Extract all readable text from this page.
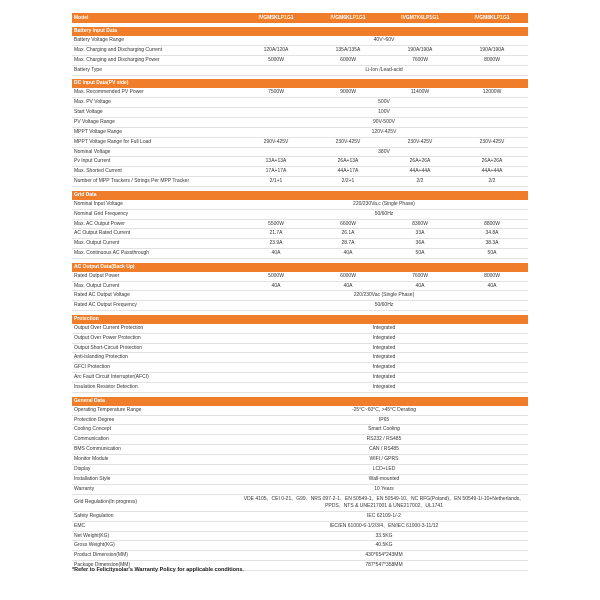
Model	IVGM5KLP1G1	IVGM6KLP1G1	IVGM7K6LP1G1	IVGM8KLP1G1

Battery Input Data				
Battery Voltage Range	40V~60V			
Max. Charging and Discharging Current	120A/120A	135A/135A	190A/190A	190A/190A
Max. Charging and Discharging Power	5000W	6000W	7600W	8000W
Battery Type	Li-Ion /Lead-acid			

DC Input Data(PV side)				
Max. Recommended PV Power	7500W	9000W	11400W	12000W
Max. PV Voltage	500V			
Start Voltage	100V			
PV Voltage Range	90V-500V			
MPPT Voltage Range	120V-425V			
MPPT Voltage Range for Full Load	290V-425V	230V-425V	230V-425V	230V-425V
Nominal Voltage	380V			
Pv Input Current	13A+13A	26A+13A	26A+26A	26A+26A
Max. Shorted Current	17A+17A	44A+17A	44A+44A	44A+44A
Number of MPP Trackers / Strings Per MPP Tracker	2/1+1	2/2+1	2/2	2/2

Grid Data				
Nominal Input Voltage	220/230Va.c (Single Phase)			
Nominal Grid Frequency	50/60Hz			
Max. AC Output Power	5500W	6600W	8360W	8800W
AC Output Rated Current	21.7A	26.1A	33A	34.8A
Max. Output Current	23.9A	28.7A	36A	38.3A
Max. Continuous AC Passthrough	40A	40A	50A	50A

AC Output Data(Back Up)				
Rated Output Power	5000W	6000W	7600W	8000W
Max. Output Current	40A	40A	40A	40A
Rated AC Output Voltage	220/230Vac (Single Phase)			
Rated AC Output Frequency	50/60Hz			

Protection				
Output Over Current Protection	Integrated			
Output Over Power Protection	Integrated			
Output Short-Circuit Protection	Integrated			
Anti-islanding Protection	Integrated			
GFCI Protection	Integrated			
Arc Fault Circuit Interrupter(AFCI)	Integrated			
Insulation Resistor Detection	Integrated			

General Data				
Operating Temperature Range	-25°C~60°C, >45°C Derating			
Protection Degree	IP65			
Cooling Concept	Smart Cooling			
Communication	RS232 / RS485			
BMS Communication	CAN / RS485			
Monitor Module	WIFI / GPRS			
Display	LCD+LED			
Installation Style	Wall-mounted			
Warranty	10 Years			
Grid Regulation(In progress)	VDE 4105、CEI 0-21、G99、NRS 097-2-1、EN 50549-1、EN 50549-10、NC RFG(Poland)、EN 50549-1/-10+Netherlands、PPDS、NTS & UNE217001 & UNE217002、UL1741			
Safety Regulation	IEC 62109-1/-2			
EMC	IEC/EN 61000-6-1/2/3/4、EN/IEC 61000-3-11/12			
Net Weight(KG)	33.5KG			
Gross Weight(KG)	40.5KG			
Product Dimension(MM)	430*654*243MM			
Package Dimension(MM)	787*547*358MM			
*Refer to Felicitysolar's Warranty Policy for applicable conditions.
